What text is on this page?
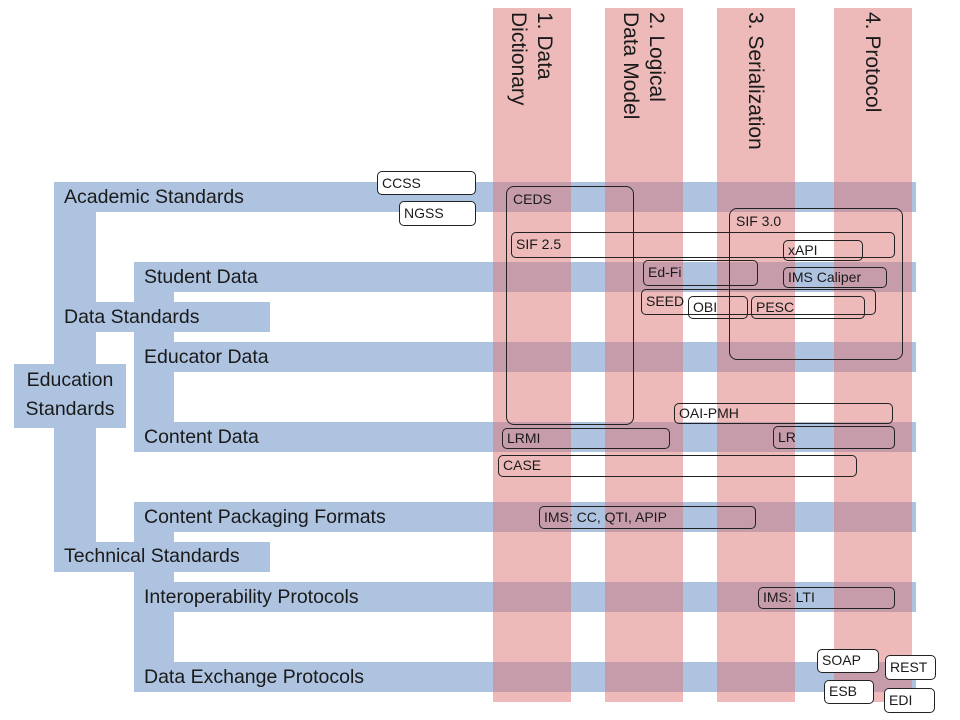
1. Data
Dictionary	2. Logical
Data Model	3. Serialization	4. Protocol
Education
Standards
Academic Standards
Data Standards
Technical Standards
Student Data
Educator Data
Content Data
Content Packaging Formats
Interoperability Protocols
Data Exchange Protocols
CEDS
SIF 3.0
CCSS
NGSS
SIF 2.5	xAPI
Ed-Fi	IMS Caliper
SEED OBI	PESC
OAI-PMH
LRMI	LR
CASE
IMS: CC, QTI, APIP
IMS: LTI
SOAP	REST
ESB
EDI
